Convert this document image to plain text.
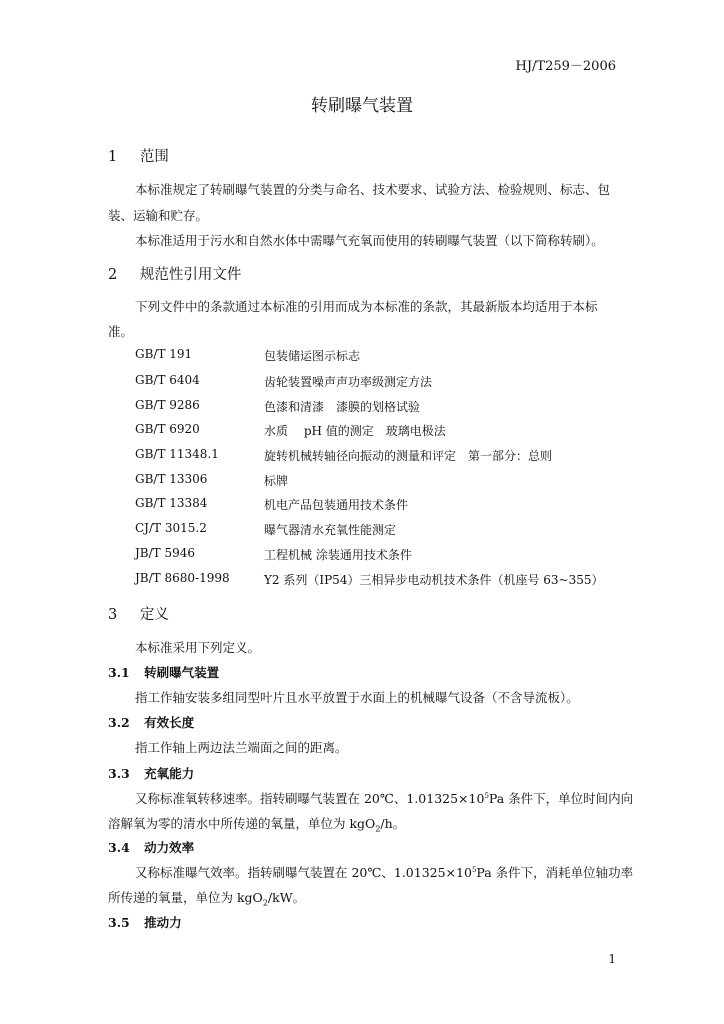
HJ/T259－2006
转刷曝气装置
1 范围
本标准规定了转刷曝气装置的分类与命名、技术要求、试验方法、检验规则、标志、包
装、运输和贮存。
本标准适用于污水和自然水体中需曝气充氧而使用的转刷曝气装置（以下简称转刷）。
2 规范性引用文件
下列文件中的条款通过本标准的引用而成为本标准的条款，其最新版本均适用于本标
准。
GB/T 191	包装储运图示标志
GB/T 6404	齿轮装置噪声声功率级测定方法
GB/T 9286	色漆和清漆　漆膜的划格试验
GB/T 6920	水质　 pH 值的测定　玻璃电极法
GB/T 11348.1	旋转机械转轴径向振动的测量和评定　第一部分：总则
GB/T 13306	标牌
GB/T 13384	机电产品包装通用技术条件
CJ/T 3015.2	曝气器清水充氧性能测定
JB/T 5946	工程机械 涂装通用技术条件
JB/T 8680-1998	Y2 系列（IP54）三相异步电动机技术条件（机座号 63~355）
3 定义
本标准采用下列定义。
3.1 转刷曝气装置
指工作轴安装多组同型叶片且水平放置于水面上的机械曝气设备（不含导流板）。
3.2 有效长度
指工作轴上两边法兰端面之间的距离。
3.3 充氧能力
又称标准氧转移速率。指转刷曝气装置在 20℃、$1.01325\times 10^5Pa$ 条件下，单位时间内向
溶解氧为零的清水中所传递的氧量，单位为 kgO$_2$/h。
3.4 动力效率
又称标准曝气效率。指转刷曝气装置在 20℃、$1.01325\times 10^5Pa$ 条件下，消耗单位轴功率
所传递的氧量，单位为 kgO$_2$/kW。
3.5 推动力
1
